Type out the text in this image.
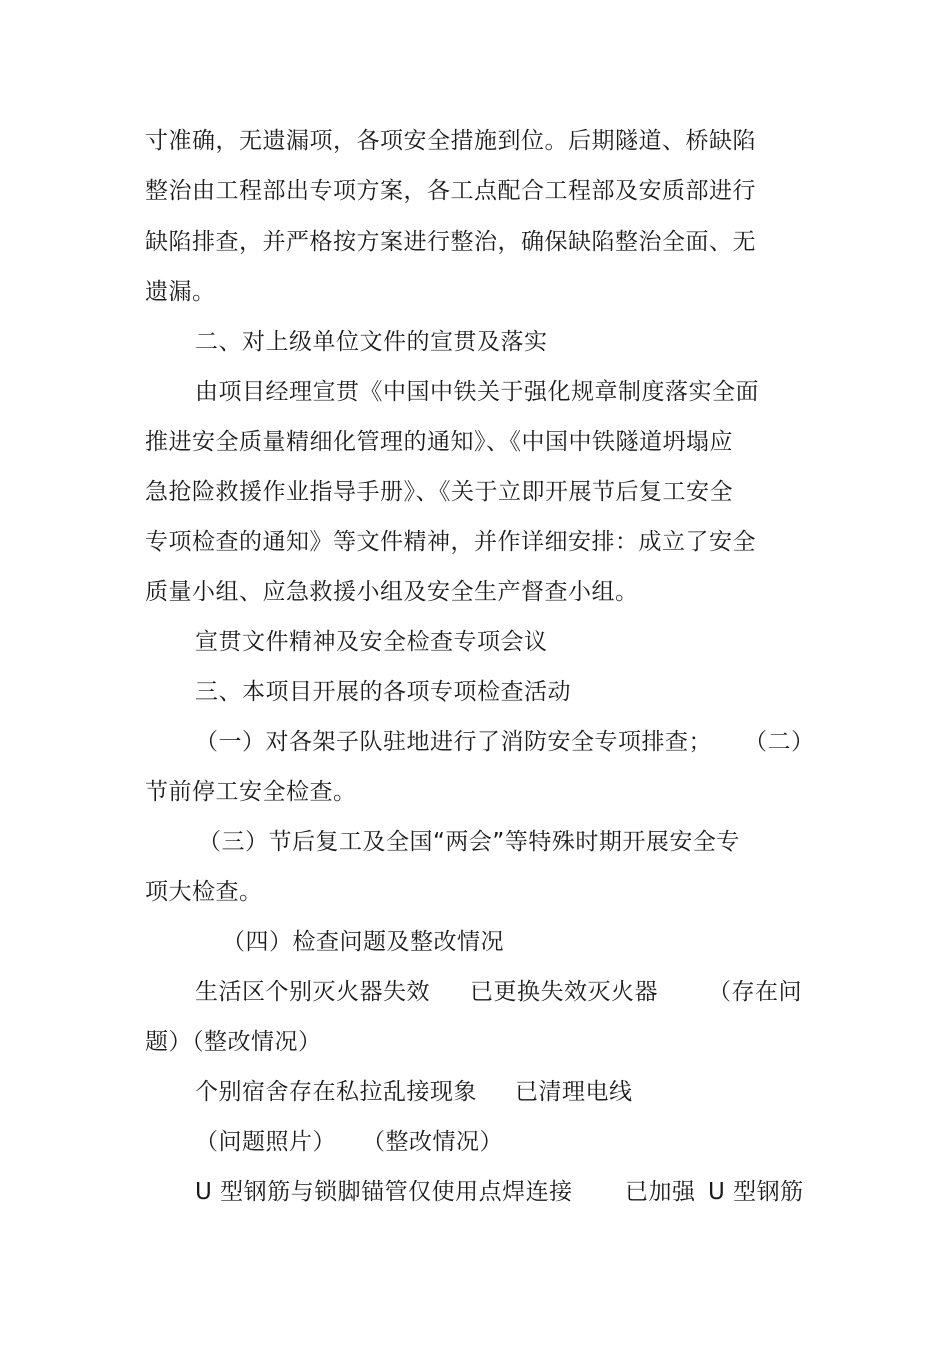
寸准确，无遗漏项，各项安全措施到位。后期隧道、桥缺陷
整治由工程部出专项方案，各工点配合工程部及安质部进行
缺陷排查，并严格按方案进行整治，确保缺陷整治全面、无
遗漏。
二、对上级单位文件的宣贯及落实
由项目经理宣贯《中国中铁关于强化规章制度落实全面
推进安全质量精细化管理的通知》、《中国中铁隧道坍塌应
急抢险救援作业指导手册》、《关于立即开展节后复工安全
专项检查的通知》等文件精神，并作详细安排：成立了安全
质量小组、应急救援小组及安全生产督查小组。
宣贯文件精神及安全检查专项会议
三、本项目开展的各项专项检查活动
（一）对各架子队驻地进行了消防安全专项排查； （二）
节前停工安全检查。
（三）节后复工及全国“两会”等特殊时期开展安全专
项大检查。
（四）检查问题及整改情况
生活区个别灭火器失效 已更换失效灭火器 （存在问
题）（整改情况）
个别宿舍存在私拉乱接现象 已清理电线
（问题照片） （整改情况）
U 型钢筋与锁脚锚管仅使用点焊连接 已加强 U 型钢筋
